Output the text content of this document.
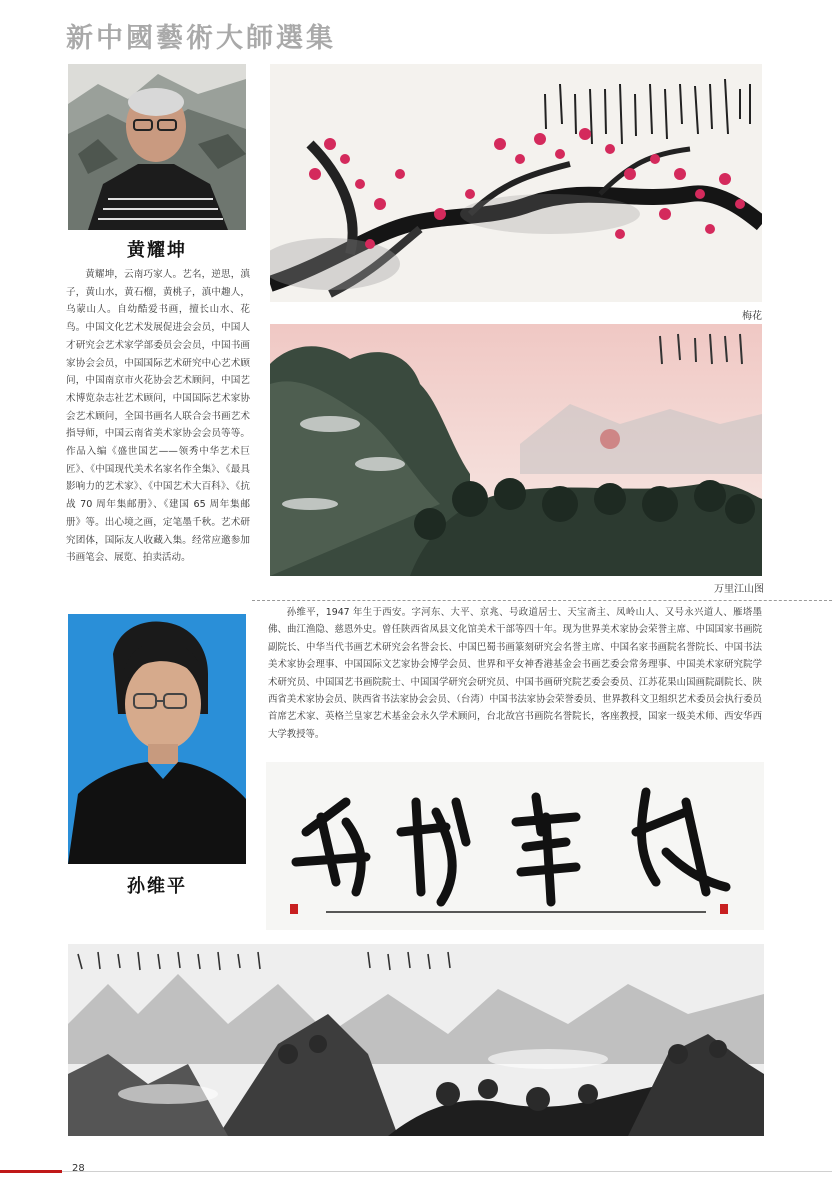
新中國藝術大師選集
黄耀坤
黄耀坤，云南巧家人。艺名，逆思，滇子，黄山水，黄石榴，黄桃子，滇中趣人，乌蒙山人。自幼酷爱书画，擅长山水、花鸟。中国文化艺术发展促进会会员，中国人才研究会艺术家学部委员会会员，中国书画家协会会员，中国国际艺术研究中心艺术顾问，中国南京市火花协会艺术顾问，中国艺术博览杂志社艺术顾问，中国国际艺术家协会艺术顾问，全国书画名人联合会书画艺术指导师，中国云南省美术家协会会员等等。作品入编《盛世国艺——领秀中华艺术巨匠》、《中国现代美术名家名作全集》、《最具影响力的艺术家》、《中国艺术大百科》、《抗战 70 周年集邮册》、《建国 65 周年集邮册》等。出心境之画，定笔墨千秋。艺术研究团体，国际友人收藏入集。经常应邀参加书画笔会、展览、拍卖活动。
梅花
万里江山图
孙维平
孙维平，1947 年生于西安。字河东、大平、京兆、号政道居士、天宝斋主、凤岭山人、又号永兴道人、雁塔墨佛、曲江渔隐、慈恩外史。曾任陕西省凤县文化馆美术干部等四十年。现为世界美术家协会荣誉主席、中国国家书画院副院长、中华当代书画艺术研究会名誉会长、中国巴蜀书画篆刻研究会名誉主席、中国名家书画院名誉院长、中国书法美术家协会理事、中国国际文艺家协会博学会员、世界和平女神香港基金会书画艺委会常务理事、中国美术家研究院学术研究员、中国国艺书画院院士、中国国学研究会研究员、中国书画研究院艺委会委员、江苏花果山国画院副院长、陕西省美术家协会员、陕西省书法家协会会员、（台湾）中国书法家协会荣誉委员、世界教科文卫组织艺术委员会执行委员首席艺术家、英格兰皇家艺术基金会永久学术顾问，台北故宫书画院名誉院长，客座教授，国家一级美术师、西安华西大学教授等。
28
